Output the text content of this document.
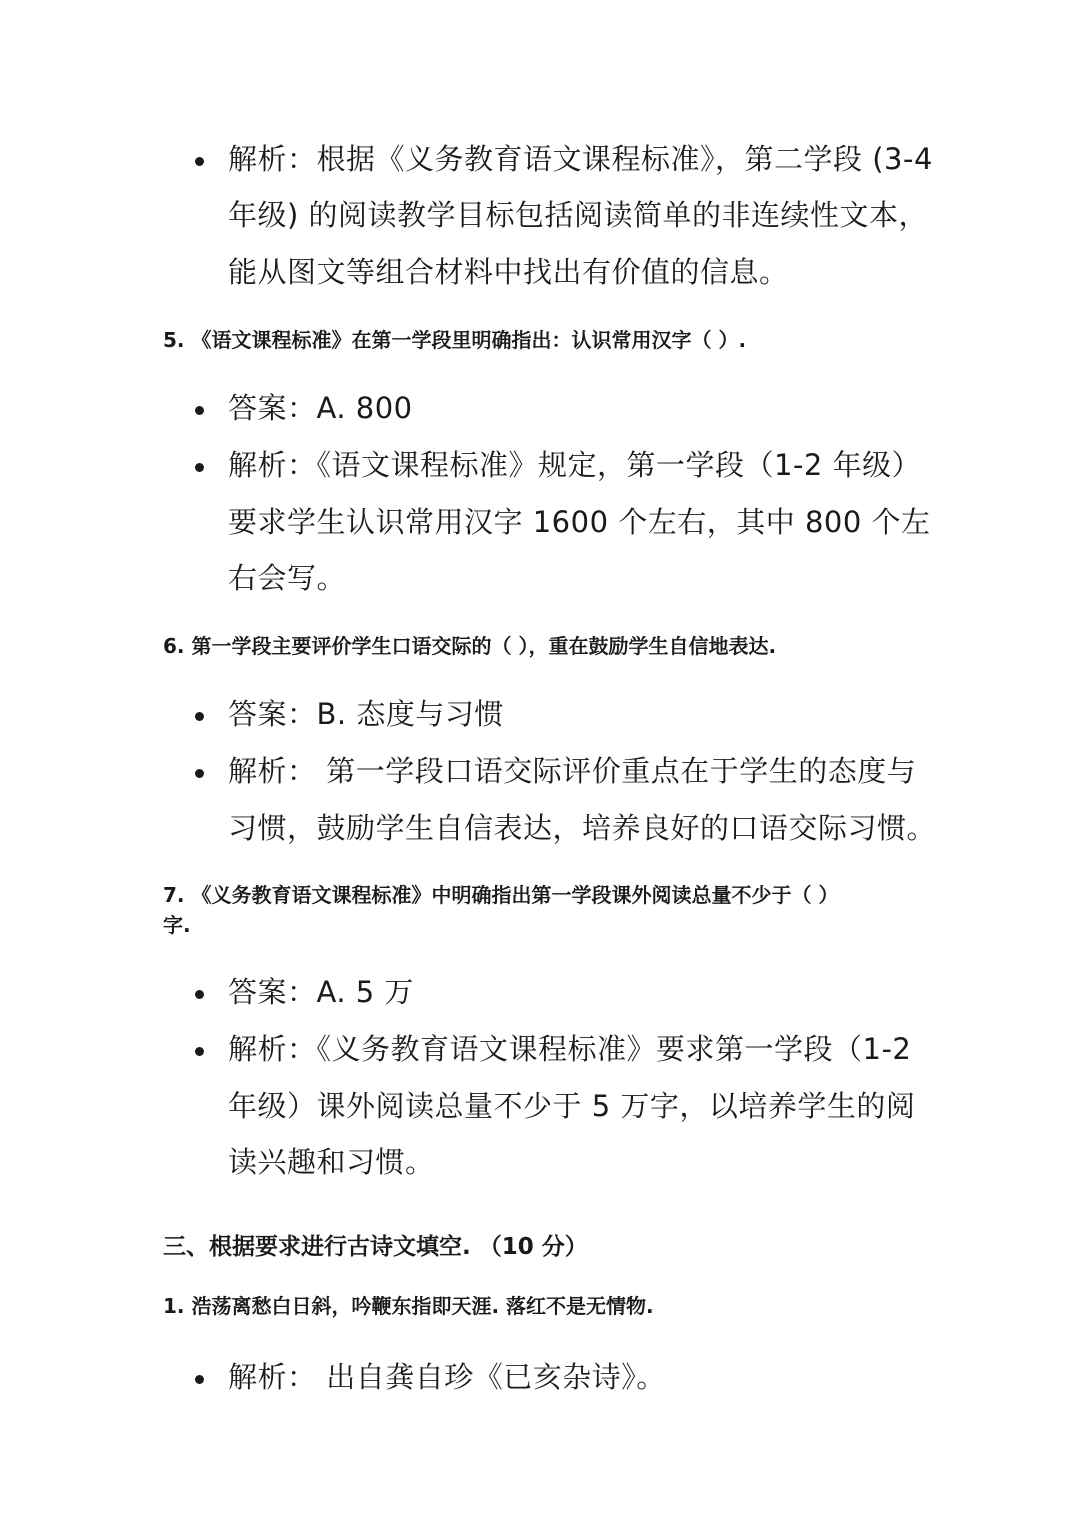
解析：根据《义务教育语文课程标准》，第二学段 (3-4
年级) 的阅读教学目标包括阅读简单的非连续性文本，
能从图文等组合材料中找出有价值的信息。
5. 《语文课程标准》在第一学段里明确指出：认识常用汉字（ ）.
答案：A. 800
解析：《语文课程标准》规定，第一学段（1-2 年级）
要求学生认识常用汉字 1600 个左右，其中 800 个左
右会写。
6. 第一学段主要评价学生口语交际的（ ），重在鼓励学生自信地表达.
答案：B. 态度与习惯
解析： 第一学段口语交际评价重点在于学生的态度与
习惯，鼓励学生自信表达，培养良好的口语交际习惯。
7. 《义务教育语文课程标准》中明确指出第一学段课外阅读总量不少于（ ）
字.
答案：A. 5 万
解析：《义务教育语文课程标准》要求第一学段（1-2
年级）课外阅读总量不少于 5 万字，以培养学生的阅
读兴趣和习惯。
三、根据要求进行古诗文填空. （10 分）
1. 浩荡离愁白日斜，吟鞭东指即天涯. 落红不是无情物.
解析： 出自龚自珍《已亥杂诗》。
